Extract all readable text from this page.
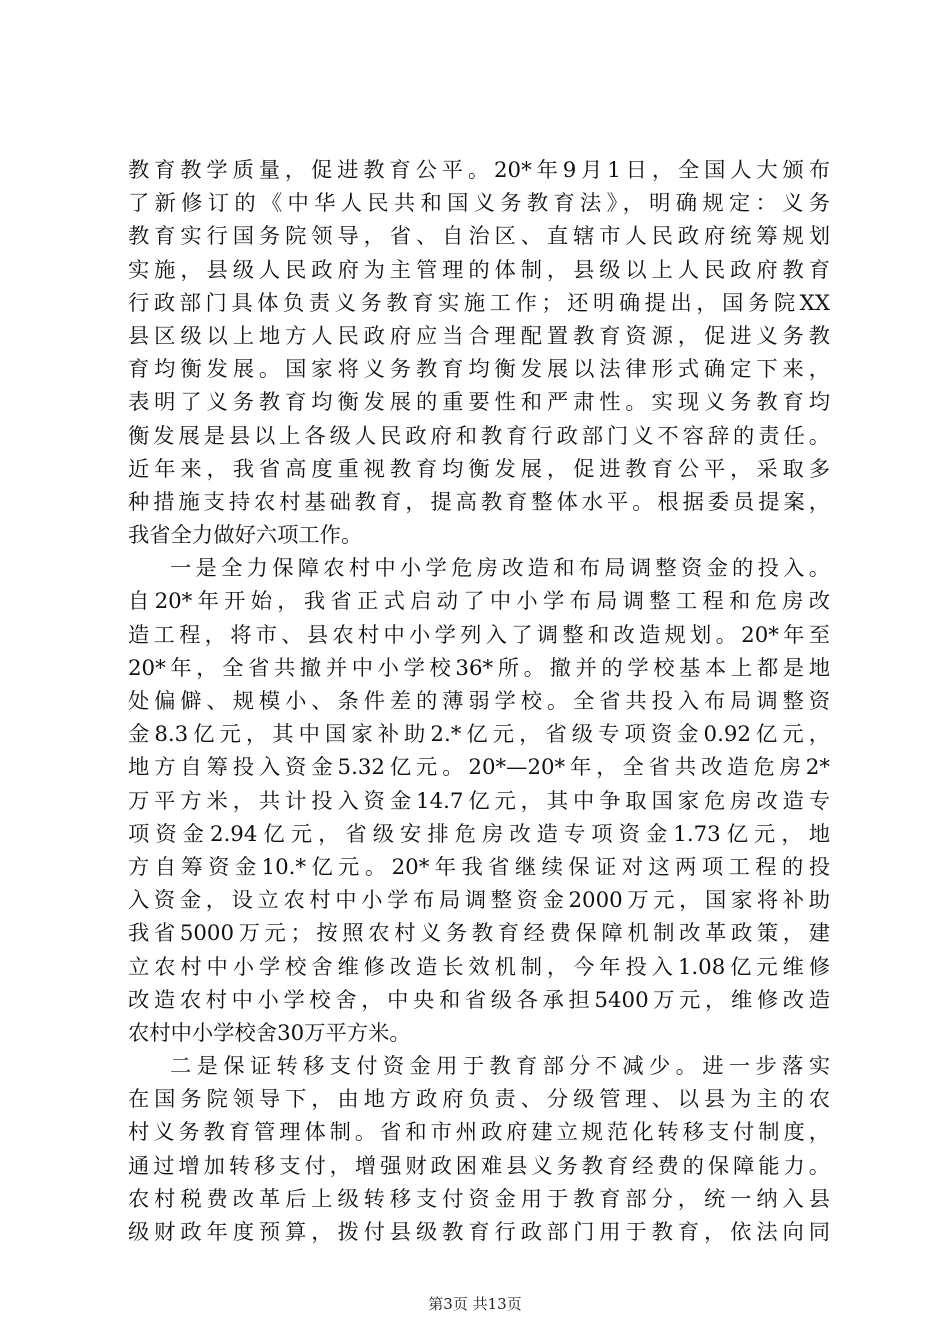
教育教学质量，促进教育公平。20*年9月1日，全国人大颁布
了新修订的《中华人民共和国义务教育法》，明确规定：义务
教育实行国务院领导，省、自治区、直辖市人民政府统筹规划
实施，县级人民政府为主管理的体制，县级以上人民政府教育
行政部门具体负责义务教育实施工作；还明确提出，国务院XX
县区级以上地方人民政府应当合理配置教育资源，促进义务教
育均衡发展。国家将义务教育均衡发展以法律形式确定下来，
表明了义务教育均衡发展的重要性和严肃性。实现义务教育均
衡发展是县以上各级人民政府和教育行政部门义不容辞的责任。
近年来，我省高度重视教育均衡发展，促进教育公平，采取多
种措施支持农村基础教育，提高教育整体水平。根据委员提案，
我省全力做好六项工作。
一是全力保障农村中小学危房改造和布局调整资金的投入。
自20*年开始，我省正式启动了中小学布局调整工程和危房改
造工程，将市、县农村中小学列入了调整和改造规划。20*年至
20*年，全省共撤并中小学校36*所。撤并的学校基本上都是地
处偏僻、规模小、条件差的薄弱学校。全省共投入布局调整资
金8.3亿元，其中国家补助2.*亿元，省级专项资金0.92亿元，
地方自筹投入资金5.32亿元。20*—20*年，全省共改造危房2*
万平方米，共计投入资金14.7亿元，其中争取国家危房改造专
项资金2.94亿元，省级安排危房改造专项资金1.73亿元，地
方自筹资金10.*亿元。20*年我省继续保证对这两项工程的投
入资金，设立农村中小学布局调整资金2000万元，国家将补助
我省5000万元；按照农村义务教育经费保障机制改革政策，建
立农村中小学校舍维修改造长效机制，今年投入1.08亿元维修
改造农村中小学校舍，中央和省级各承担5400万元，维修改造
农村中小学校舍30万平方米。
二是保证转移支付资金用于教育部分不减少。进一步落实
在国务院领导下，由地方政府负责、分级管理、以县为主的农
村义务教育管理体制。省和市州政府建立规范化转移支付制度，
通过增加转移支付，增强财政困难县义务教育经费的保障能力。
农村税费改革后上级转移支付资金用于教育部分，统一纳入县
级财政年度预算，拨付县级教育行政部门用于教育，依法向同
第3页 共13页
